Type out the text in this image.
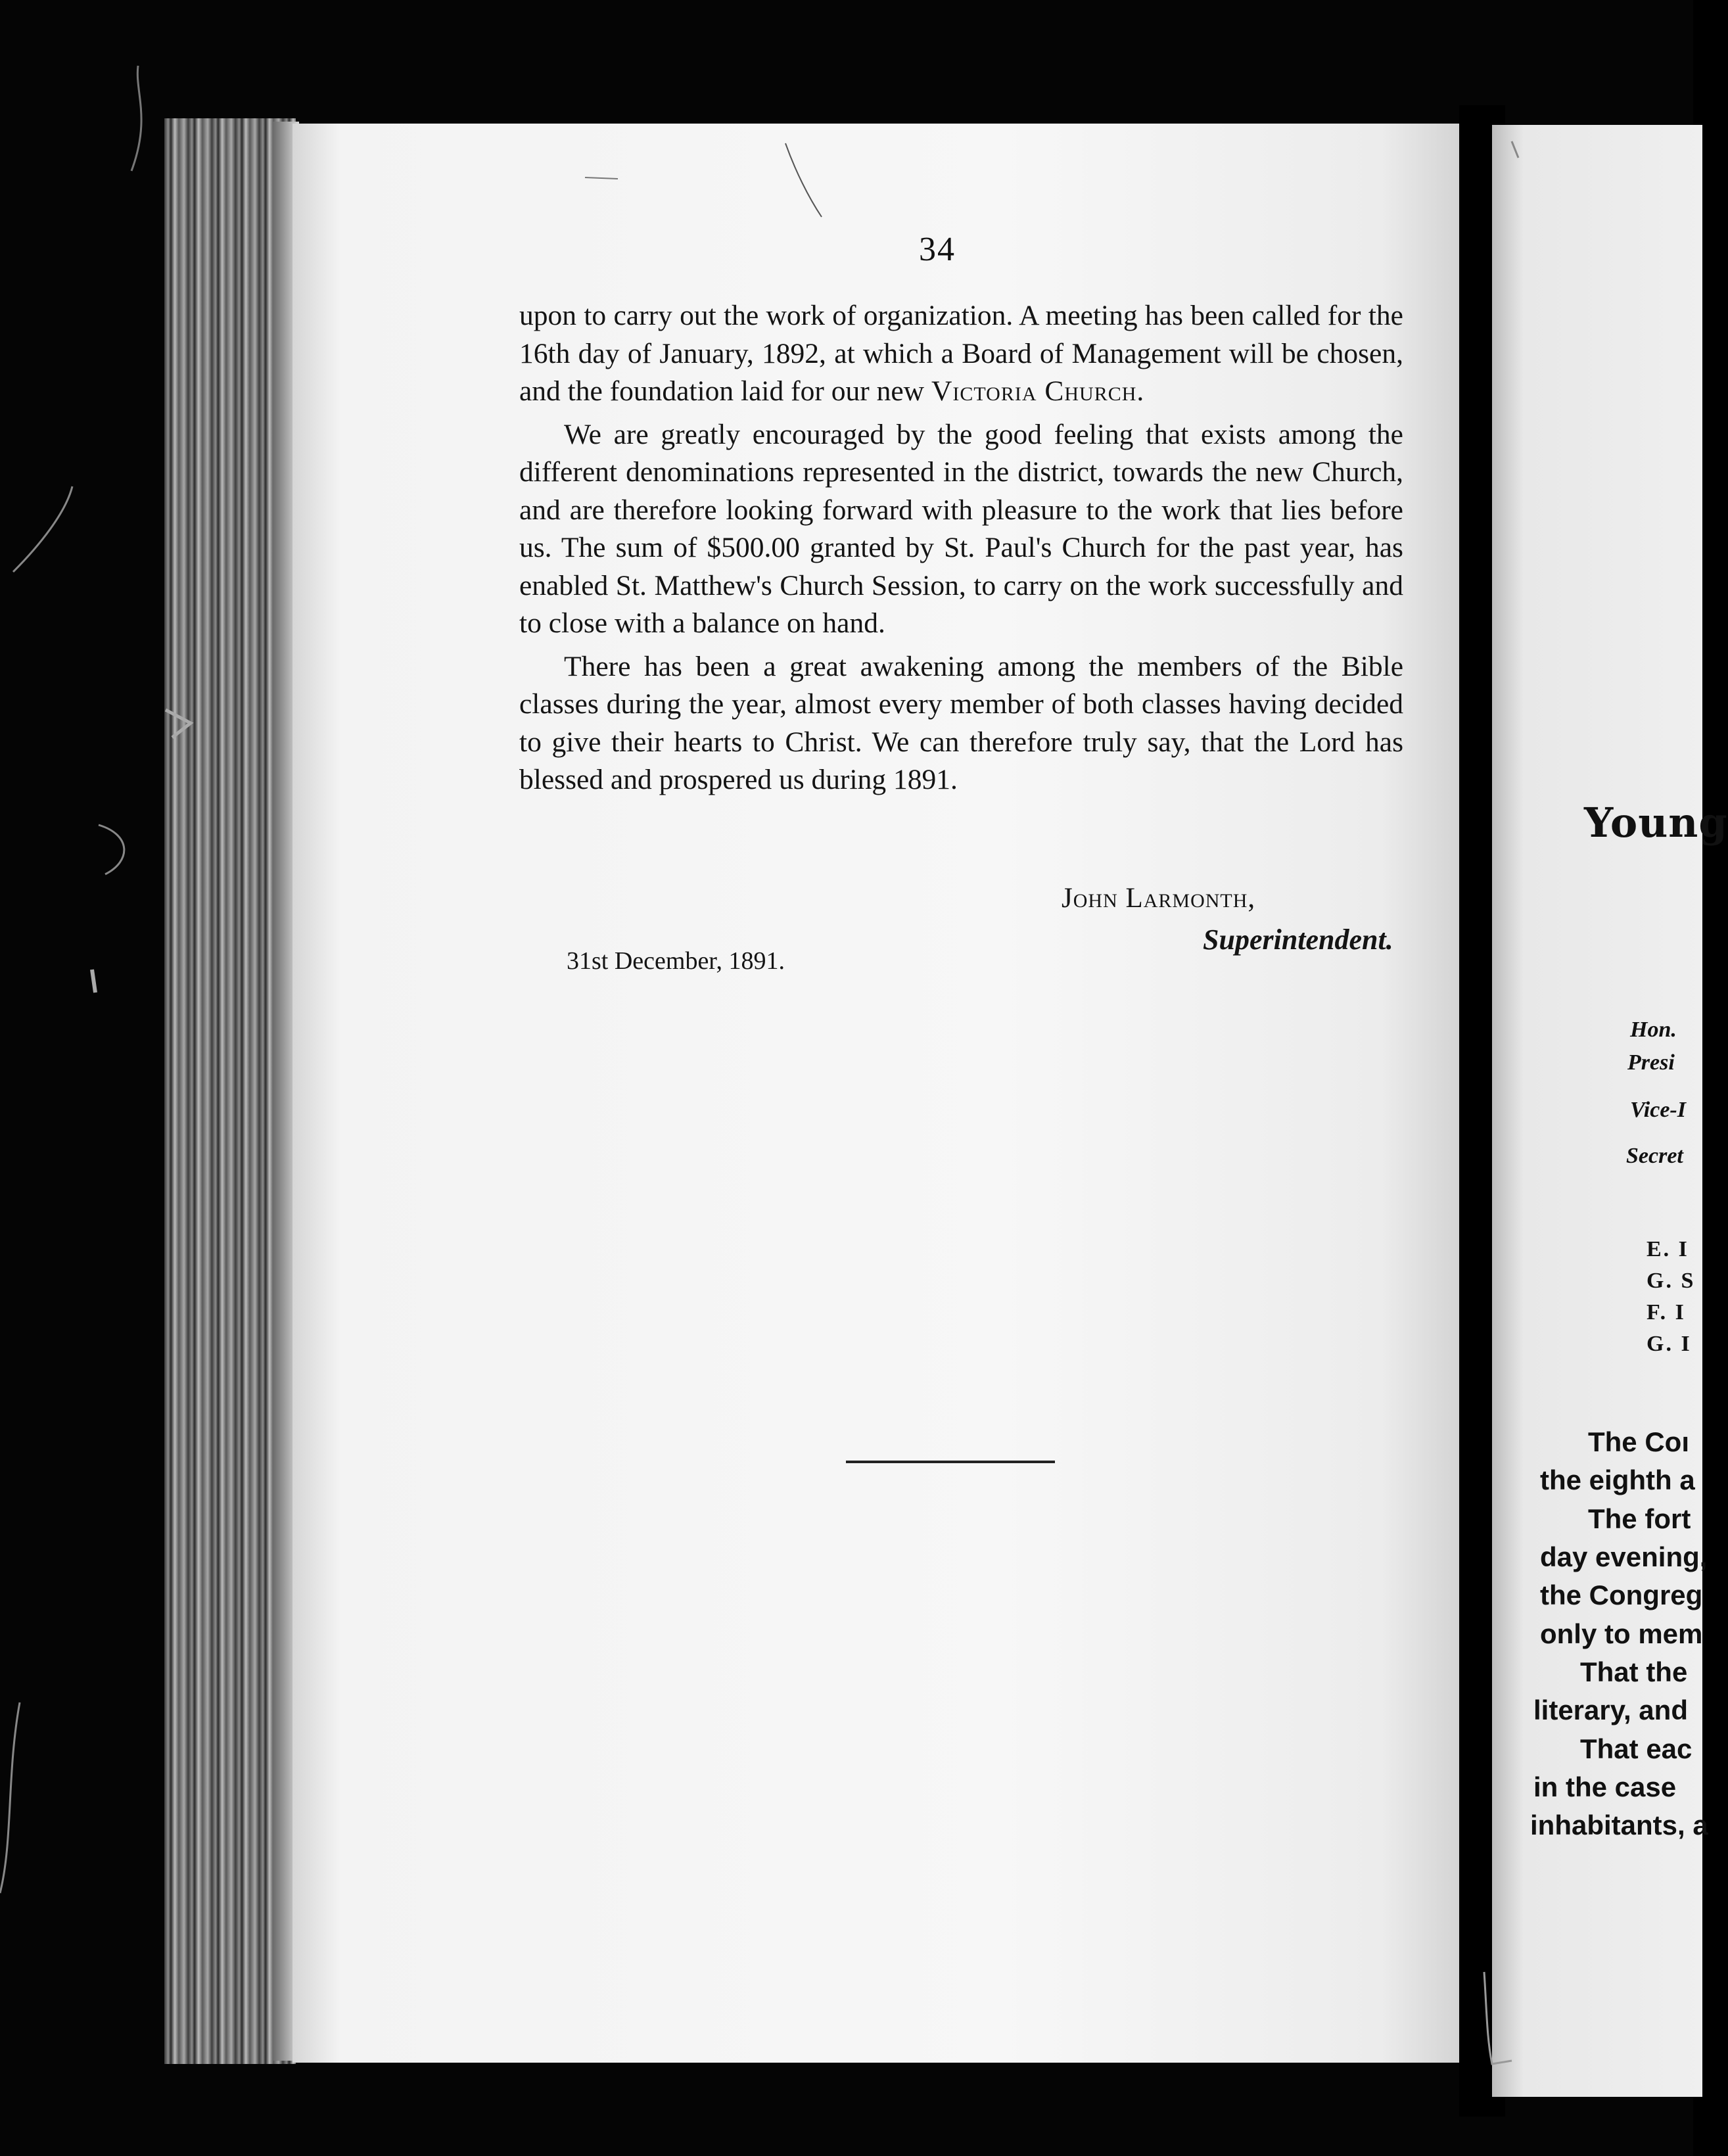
34

upon to carry out the work of organization. A meeting has been called for the 16th day of January, 1892, at which a Board of Management will be chosen, and the foundation laid for our new Victoria Church.

We are greatly encouraged by the good feeling that exists among the different denominations represented in the district, towards the new Church, and are therefore looking forward with pleasure to the work that lies before us. The sum of $500.00 granted by St. Paul's Church for the past year, has enabled St. Matthew's Church Session, to carry on the work successfully and to close with a balance on hand.

There has been a great awakening among the members of the Bible classes during the year, almost every member of both classes having decided to give their hearts to Christ. We can therefore truly say, that the Lord has blessed and prospered us during 1891.

John Larmonth,
Superintendent.
31st December, 1891.
Young
Hon.
Presi
Vice-I
Secret
E. I
G. S
F. I
G. I
The Coı
the eighth a
The fort
day evening,
the Congreg
only to mem
That the
literary, and
That eac
in the case
inhabitants, a
